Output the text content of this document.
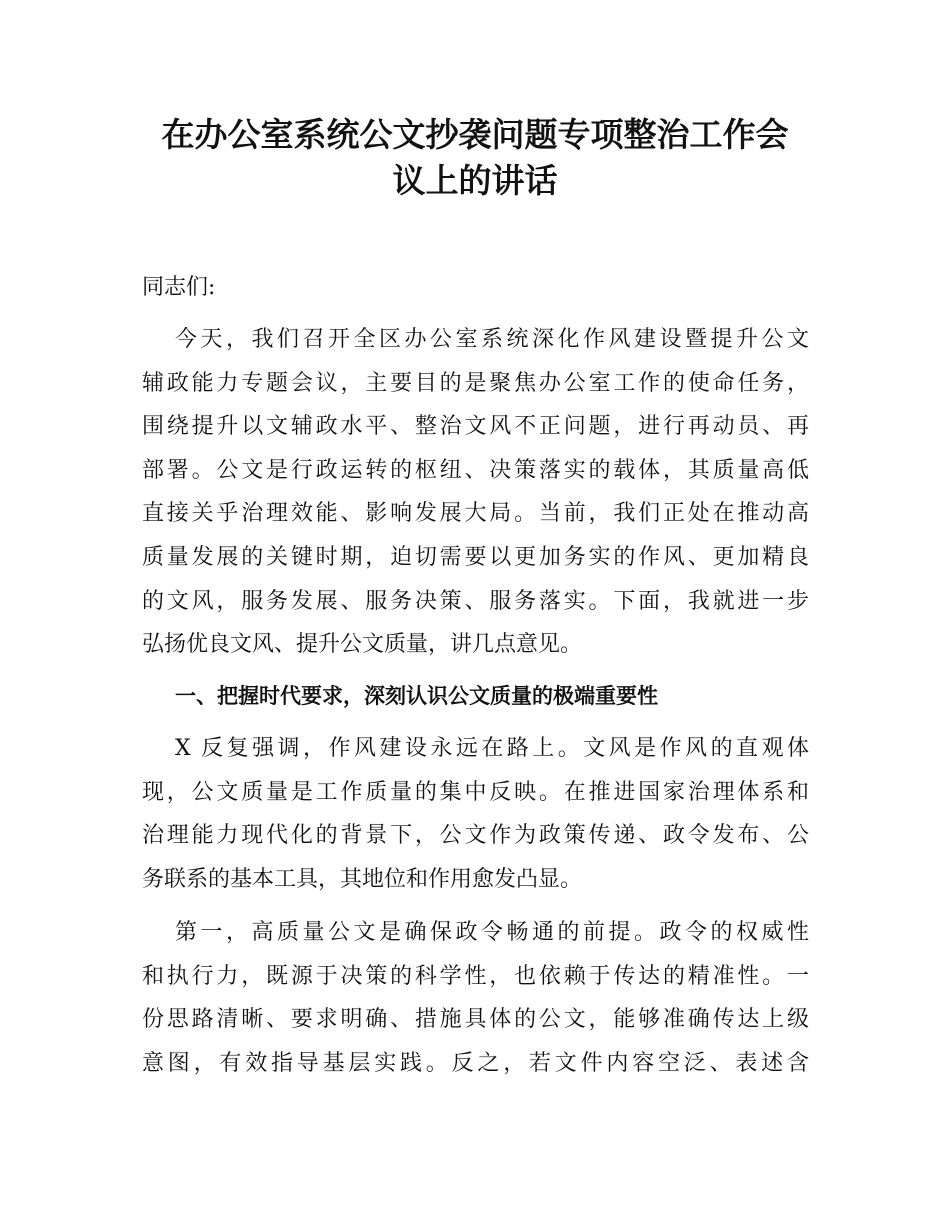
在办公室系统公文抄袭问题专项整治工作会
议上的讲话
同志们:
今天，我们召开全区办公室系统深化作风建设暨提升公文
辅政能力专题会议，主要目的是聚焦办公室工作的使命任务，
围绕提升以文辅政水平、整治文风不正问题，进行再动员、再
部署。公文是行政运转的枢纽、决策落实的载体，其质量高低
直接关乎治理效能、影响发展大局。当前，我们正处在推动高
质量发展的关键时期，迫切需要以更加务实的作风、更加精良
的文风，服务发展、服务决策、服务落实。下面，我就进一步
弘扬优良文风、提升公文质量，讲几点意见。
一、把握时代要求，深刻认识公文质量的极端重要性
X 反复强调，作风建设永远在路上。文风是作风的直观体
现，公文质量是工作质量的集中反映。在推进国家治理体系和
治理能力现代化的背景下，公文作为政策传递、政令发布、公
务联系的基本工具，其地位和作用愈发凸显。
第一，高质量公文是确保政令畅通的前提。政令的权威性
和执行力，既源于决策的科学性，也依赖于传达的精准性。一
份思路清晰、要求明确、措施具体的公文，能够准确传达上级
意图，有效指导基层实践。反之，若文件内容空泛、表述含
